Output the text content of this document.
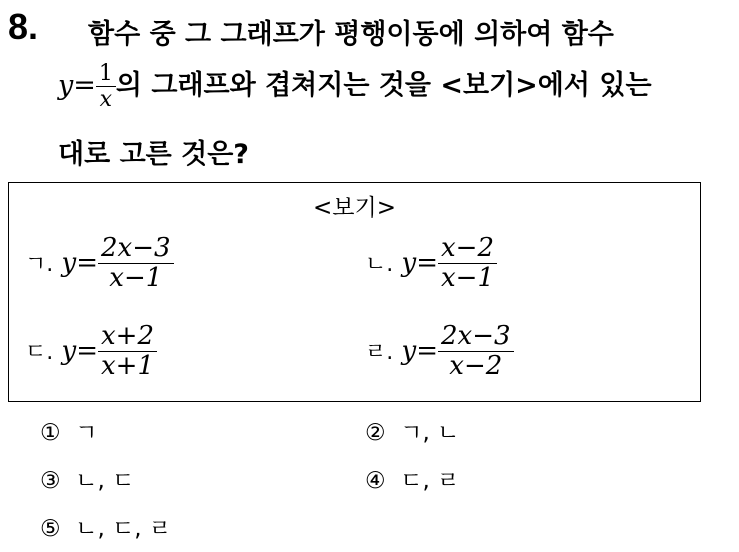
8. 함수 중 그 그래프가 평행이동에 의하여 함수
$y= \frac{1}{x}$ 의 그래프와 겹쳐지는 것을 <보기>에서 있는
대로 고른 것은?
<보기>
ㄱ. $y= \frac{2x-3}{x-1}$	ㄴ. $y= \frac{x-2}{x-1}$
ㄷ. $y= \frac{x+2}{x+1}$	ㄹ. $y= \frac{2x-3}{x-2}$
① ㄱ	② ㄱ, ㄴ
③ ㄴ, ㄷ	④ ㄷ, ㄹ
⑤ ㄴ, ㄷ, ㄹ
